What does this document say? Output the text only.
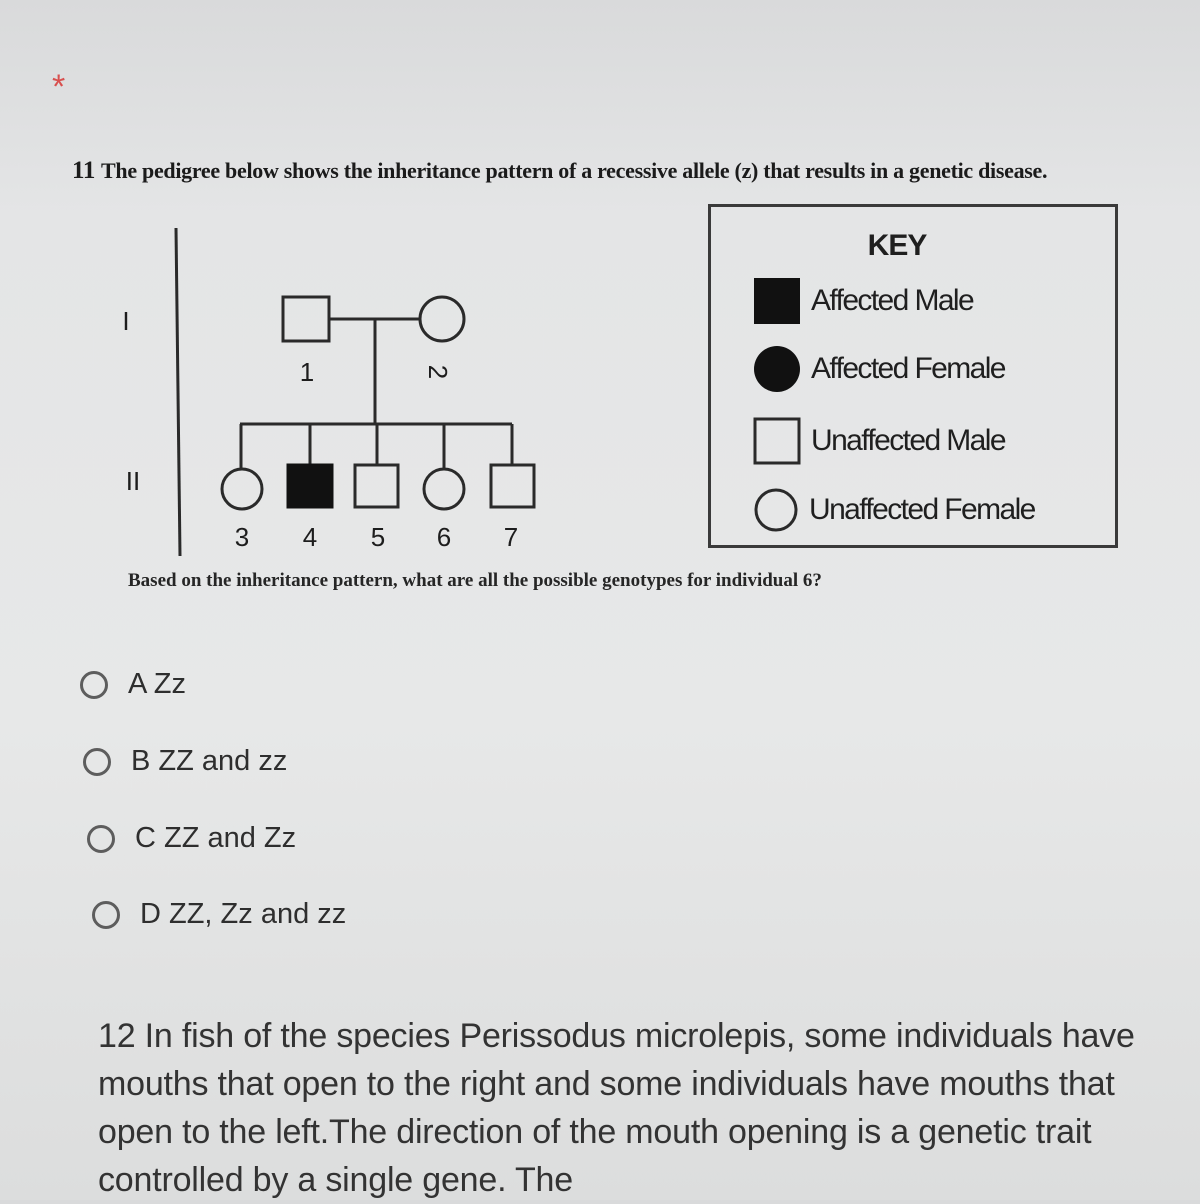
*
11 The pedigree below shows the inheritance pattern of a recessive allele (z) that results in a genetic disease.
I
II
1	2
3 4 5 6 7
KEY
Affected Male
Affected Female
Unaffected Male
Unaffected Female
Based on the inheritance pattern, what are all the possible genotypes for individual 6?
A Zz
B ZZ and zz
C ZZ and Zz
D ZZ, Zz and zz
12 In fish of the species Perissodus microlepis, some individuals have mouths that open to the right and some individuals have mouths that open to the left.The direction of the mouth opening is a genetic trait controlled by a single gene. The
